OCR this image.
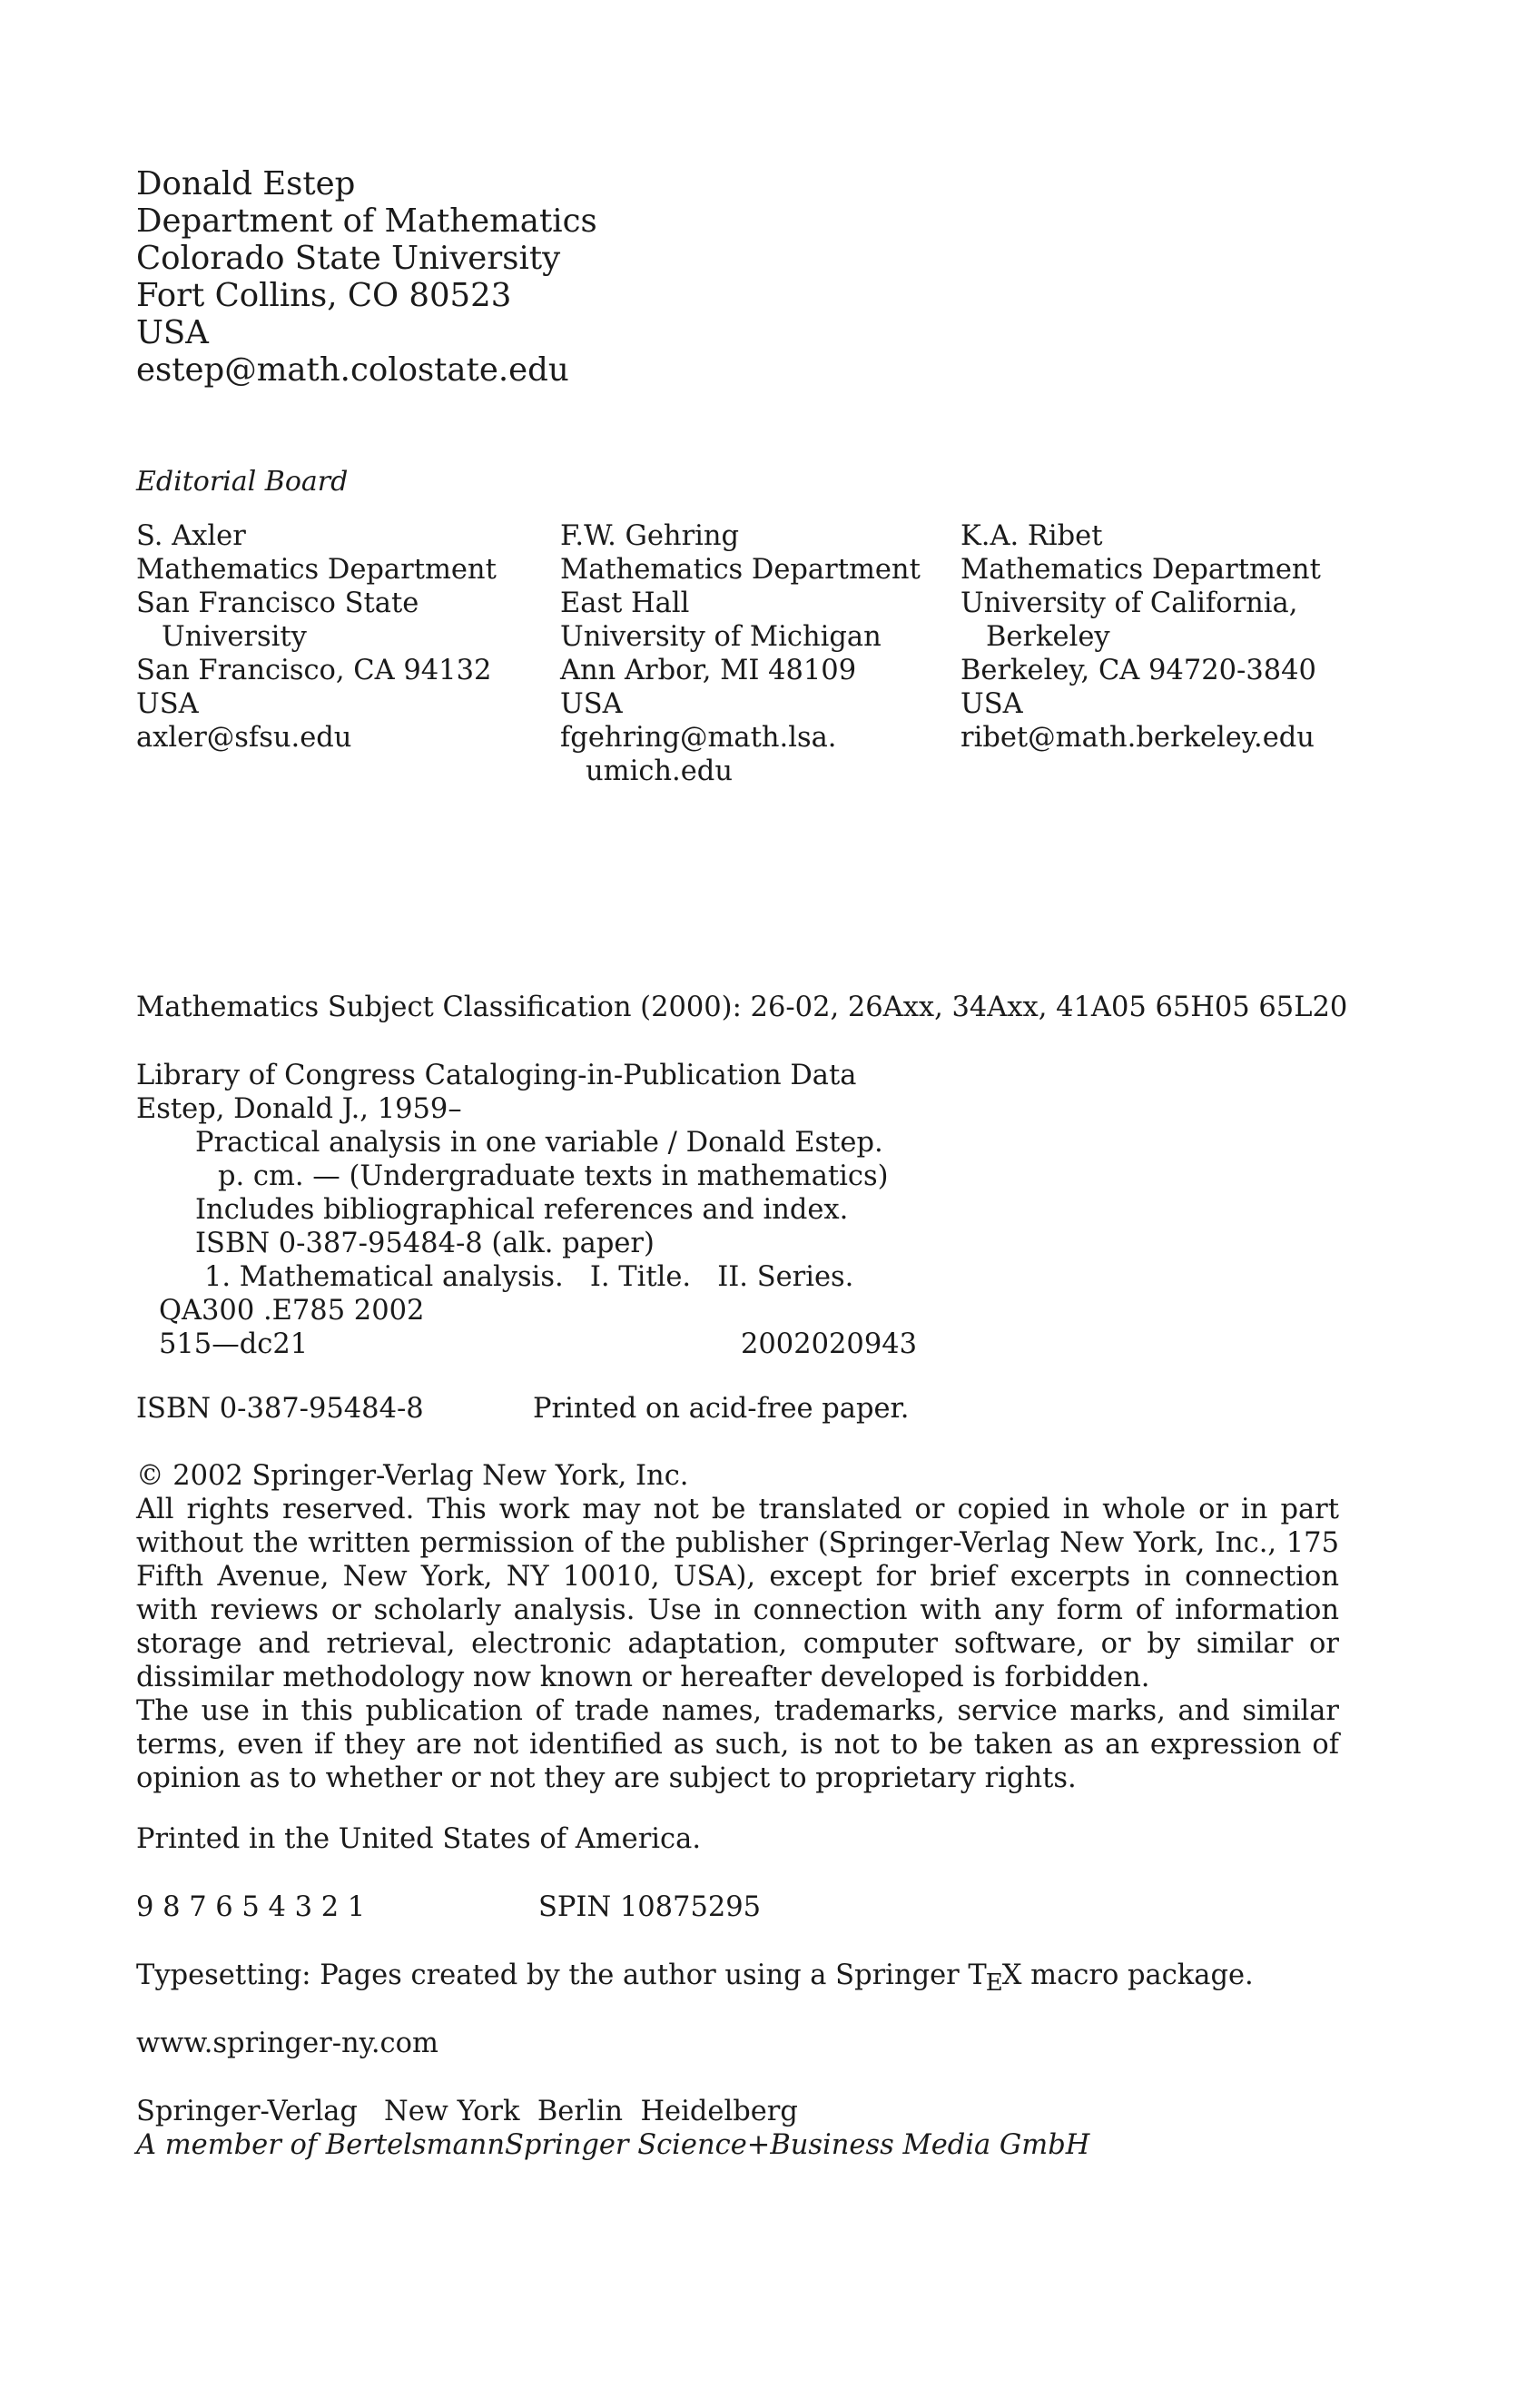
Donald Estep
Department of Mathematics
Colorado State University
Fort Collins, CO 80523
USA
estep@math.colostate.edu
Editorial Board
S. Axler
Mathematics Department
San Francisco State
University
San Francisco, CA 94132
USA
axler@sfsu.edu
F.W. Gehring
Mathematics Department
East Hall
University of Michigan
Ann Arbor, MI 48109
USA
fgehring@math.lsa.
umich.edu
K.A. Ribet
Mathematics Department
University of California,
Berkeley
Berkeley, CA 94720-3840
USA
ribet@math.berkeley.edu
Mathematics Subject Classification (2000): 26-02, 26Axx, 34Axx, 41A05 65H05 65L20
Library of Congress Cataloging-in-Publication Data
Estep, Donald J., 1959–
Practical analysis in one variable / Donald Estep.
p. cm. — (Undergraduate texts in mathematics)
Includes bibliographical references and index.
ISBN 0-387-95484-8 (alk. paper)
1. Mathematical analysis.   I. Title.   II. Series.
QA300 .E785 2002
515—dc21	2002020943
ISBN 0-387-95484-8	Printed on acid-free paper.
© 2002 Springer-Verlag New York, Inc.
All rights reserved. This work may not be translated or copied in whole or in part without the written permission of the publisher (Springer-Verlag New York, Inc., 175 Fifth Avenue, New York, NY 10010, USA), except for brief excerpts in connection with reviews or scholarly analysis. Use in connection with any form of information storage and retrieval, electronic adaptation, computer software, or by similar or dissimilar methodology now known or hereafter developed is forbidden.
The use in this publication of trade names, trademarks, service marks, and similar terms, even if they are not identified as such, is not to be taken as an expression of opinion as to whether or not they are subject to proprietary rights.
Printed in the United States of America.
9 8 7 6 5 4 3 2 1	SPIN 10875295
Typesetting: Pages created by the author using a Springer TEX macro package.
www.springer-ny.com
Springer-Verlag   New York  Berlin  Heidelberg
A member of BertelsmannSpringer Science+Business Media GmbH
